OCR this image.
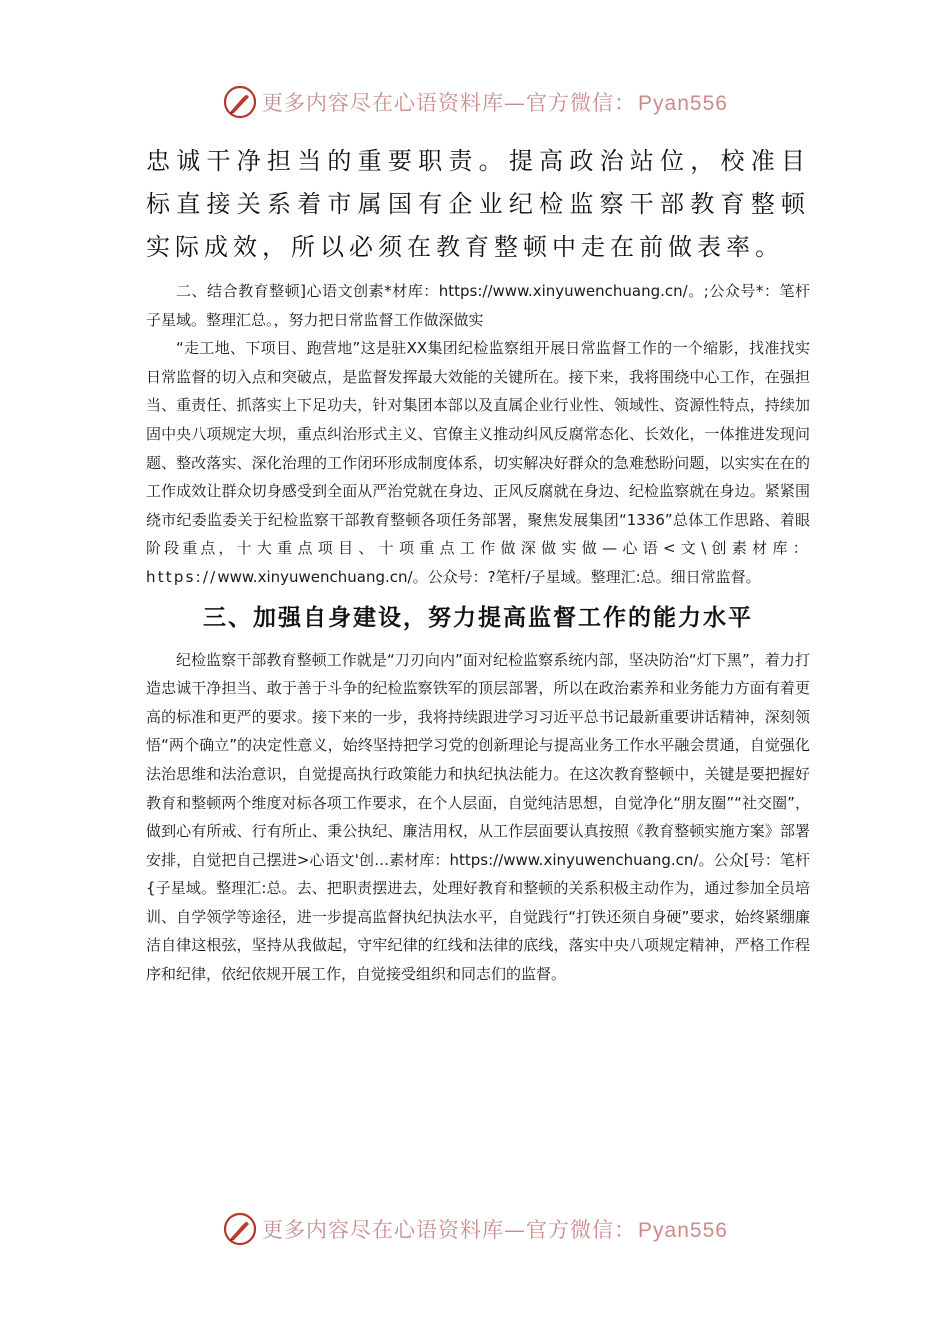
更多内容尽在心语资料库—官方微信：Pyan556

忠诚干净担当的重要职责。提高政治站位，校准目标直接关系着市属国有企业纪检监察干部教育整顿实际成效，所以必须在教育整顿中走在前做表率。

二、结合教育整顿]心语文创素*材库：https://www.xinyuwenchuang.cn/。;公众号*：笔杆子星域。整理汇总。，努力把日常监督工作做深做实

“走工地、下项目、跑营地”这是驻XX集团纪检监察组开展日常监督工作的一个缩影，找准找实日常监督的切入点和突破点，是监督发挥最大效能的关键所在。接下来，我将围绕中心工作，在强担当、重责任、抓落实上下足功夫，针对集团本部以及直属企业行业性、领域性、资源性特点，持续加固中央八项规定大坝，重点纠治形式主义、官僚主义推动纠风反腐常态化、长效化，一体推进发现问题、整改落实、深化治理的工作闭环形成制度体系，切实解决好群众的急难愁盼问题，以实实在在的工作成效让群众切身感受到全面从严治党就在身边、正风反腐就在身边、纪检监察就在身边。紧紧围绕市纪委监委关于纪检监察干部教育整顿各项任务部署，聚焦发展集团“1336”总体工作思路、着眼阶段重点，十大重点项目、十项重点工作做深做实做—心语<文\创素材库：https://www.xinyuwenchuang.cn/。公众号：?笔杆/子星域。整理汇:总。细日常监督。

三、加强自身建设，努力提高监督工作的能力水平

纪检监察干部教育整顿工作就是“刀刃向内”面对纪检监察系统内部，坚决防治“灯下黑”，着力打造忠诚干净担当、敢于善于斗争的纪检监察铁军的顶层部署，所以在政治素养和业务能力方面有着更高的标准和更严的要求。接下来的一步，我将持续跟进学习习近平总书记最新重要讲话精神，深刻领悟“两个确立”的决定性意义，始终坚持把学习党的创新理论与提高业务工作水平融会贯通，自觉强化法治思维和法治意识，自觉提高执行政策能力和执纪执法能力。在这次教育整顿中，关键是要把握好教育和整顿两个维度对标各项工作要求，在个人层面，自觉纯洁思想，自觉净化“朋友圈”“社交圈”，做到心有所戒、行有所止、秉公执纪、廉洁用权，从工作层面要认真按照《教育整顿实施方案》部署安排，自觉把自己摆进>心语文'创…素材库：https://www.xinyuwenchuang.cn/。公众[号：笔杆{子星域。整理汇:总。去、把职责摆进去，处理好教育和整顿的关系积极主动作为，通过参加全员培训、自学领学等途径，进一步提高监督执纪执法水平，自觉践行“打铁还须自身硬”要求，始终紧绷廉洁自律这根弦，坚持从我做起，守牢纪律的红线和法律的底线，落实中央八项规定精神，严格工作程序和纪律，依纪依规开展工作，自觉接受组织和同志们的监督。

更多内容尽在心语资料库—官方微信：Pyan556
